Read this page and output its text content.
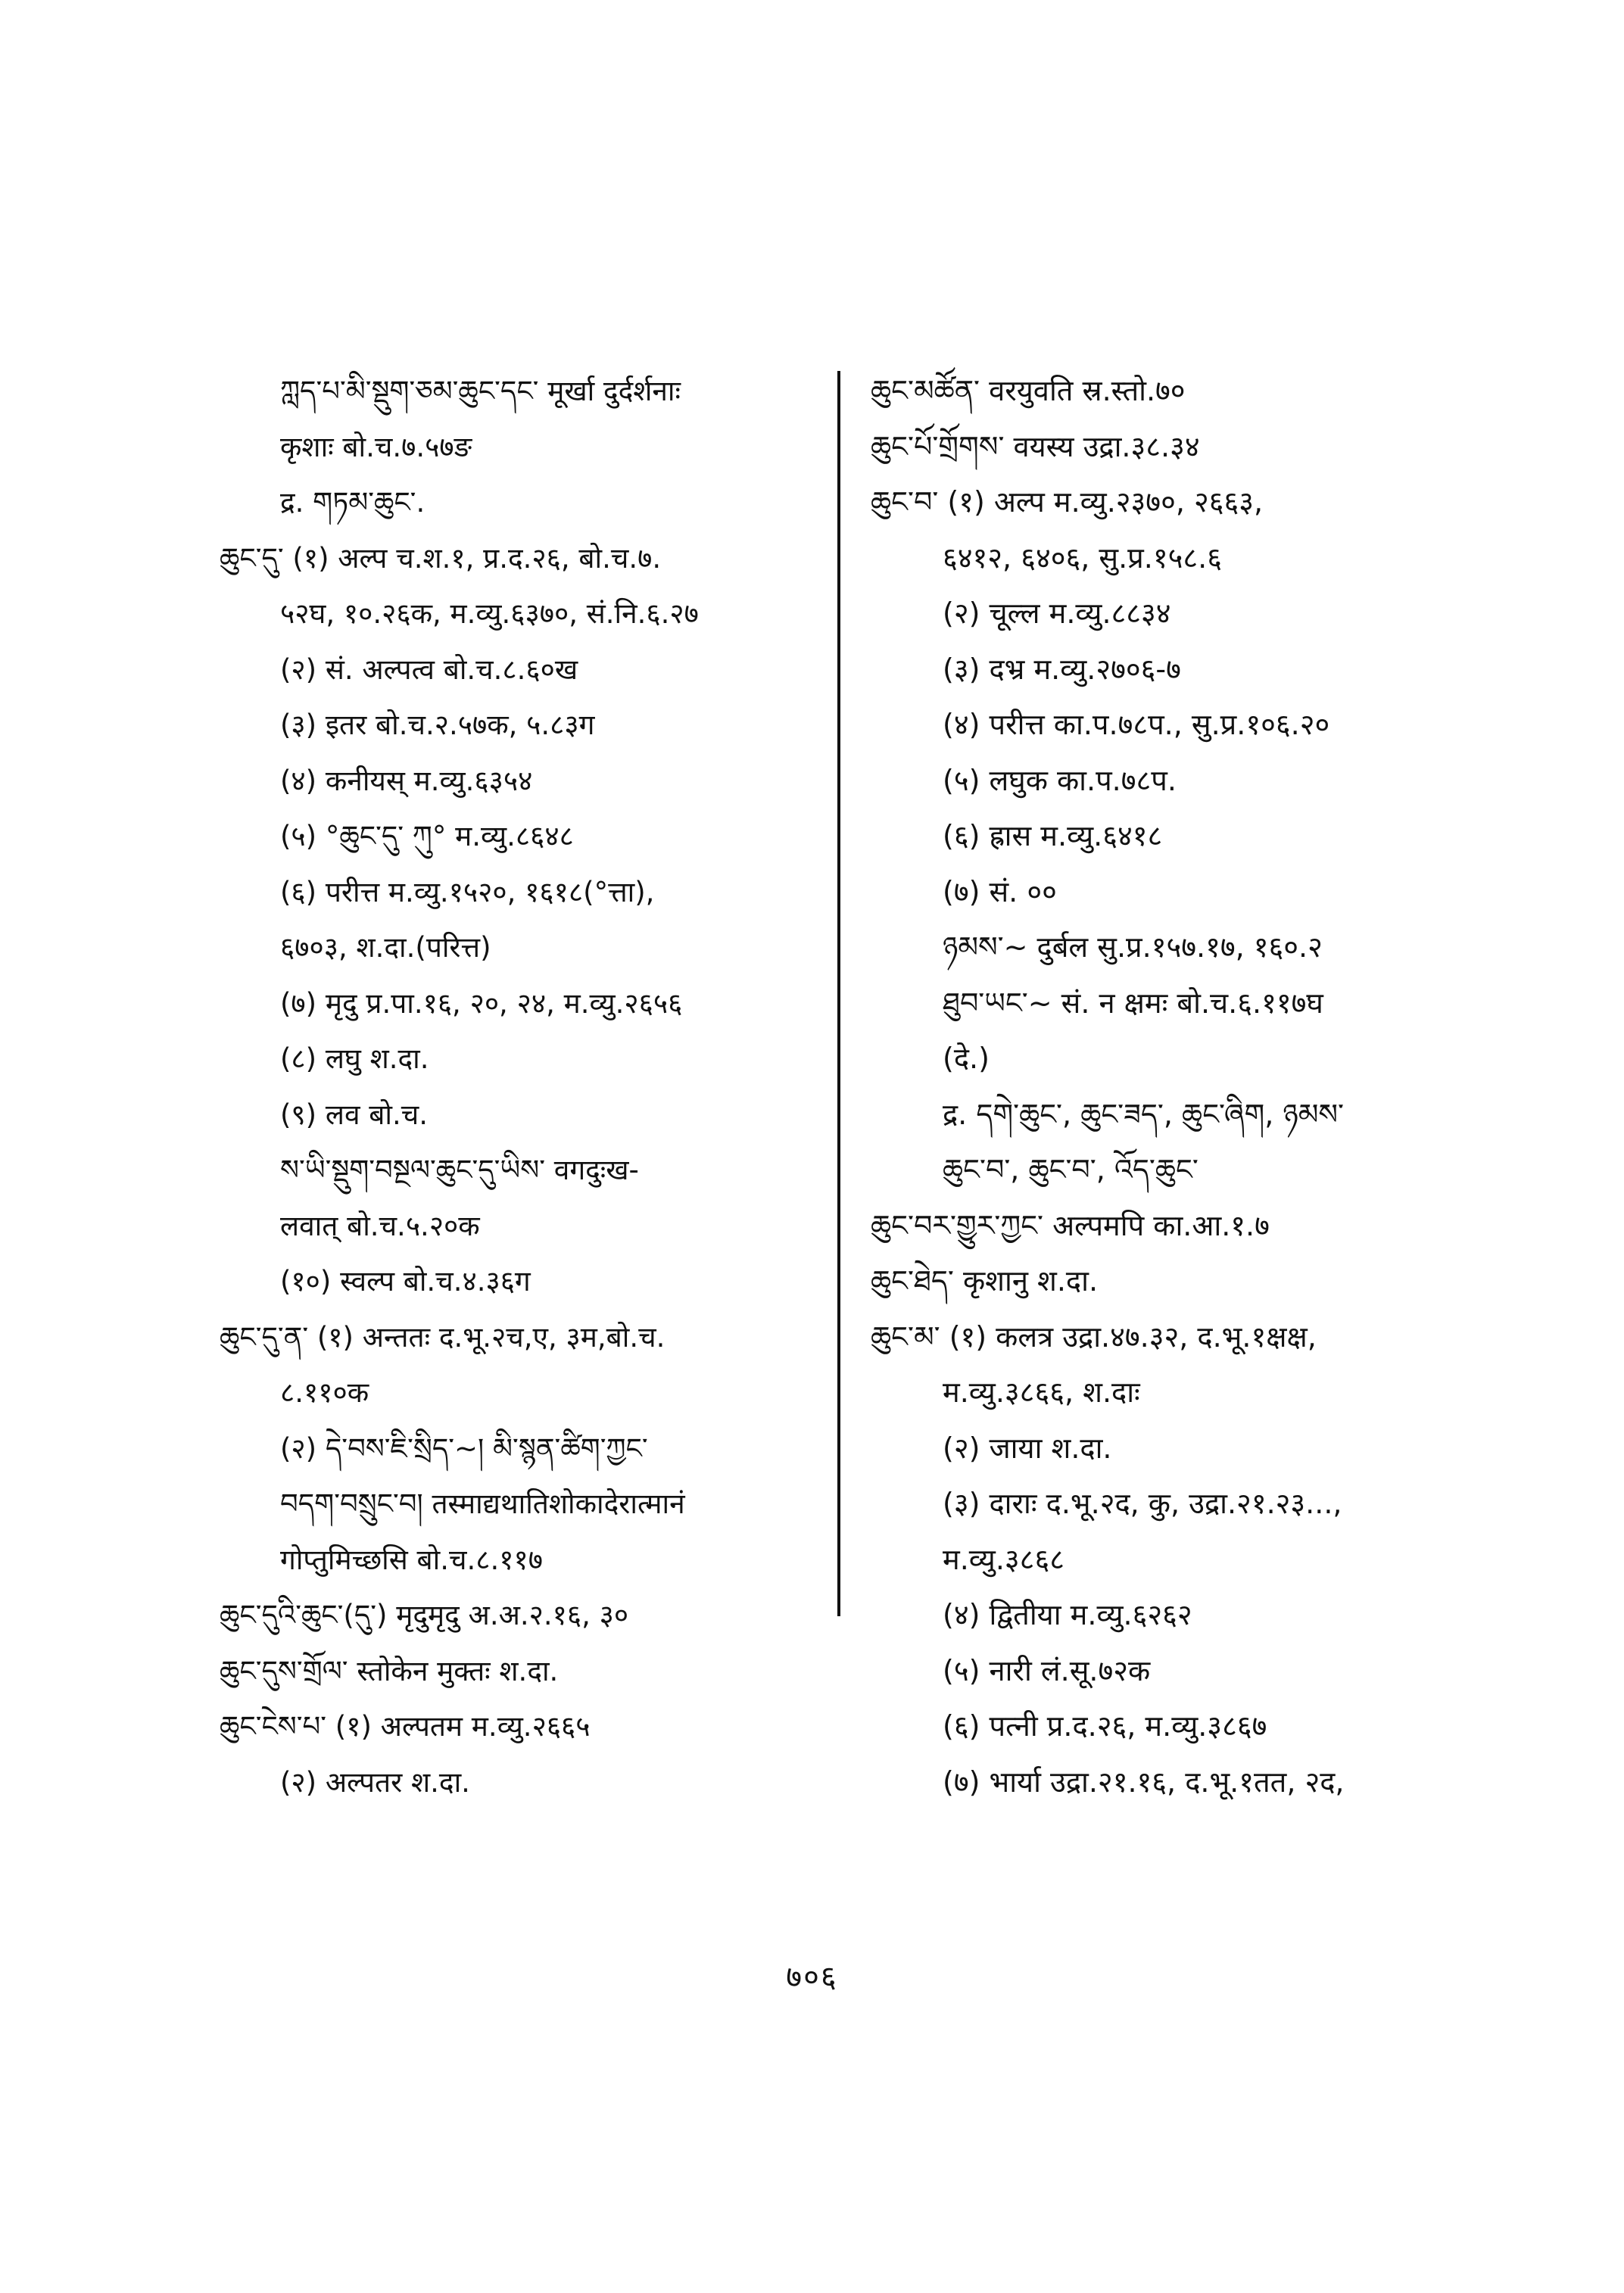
ཀླད་པ་མི་སྡུག་ཅམ་ཆུང་དང་ मूर्खा दुर्दर्शनाः
कृशाः बो.च.७.५७ङ
द्र. གཏམ་ཆུང་.
ཆུང་དུ་ (१) अल्प च.श.१, प्र.द.२६, बो.च.७.
५२घ, १०.२६क, म.व्यु.६३७०, सं.नि.६.२७
(२) सं. अल्पत्व बो.च.८.६०ख
(३) इतर बो.च.२.५७क, ५.८३ग
(४) कनीयस् म.व्यु.६३५४
(५) °ཆུང་དུ་ ཀུ° म.व्यु.८६४८
(६) परीत्त म.व्यु.१५२०, १६१८(°त्ता),
६७०३, श.दा.(परित्त)
(७) मृदु प्र.पा.१६, २०, २४, म.व्यु.२६५६
(८) लघु श.दा.
(९) लव बो.च.
ས་ཡི་སྡུག་བསྔལ་ཆུང་དུ་ཡིས་ वगदुःख-
लवात् बो.च.५.२०क
(१०) स्वल्प बो.च.४.३६ग
ཆུང་དུ་ན་ (१) अन्ततः द.भू.२च,ए, ३म,बो.च.
८.११०क
(२) དེ་བས་ཇི་སྲིད་~། མི་སྙན་ཚིག་ཀྱང་
བདག་བསྲུང་བ། तस्माद्यथातिशोकादेरात्मानं
गोप्तुमिच्छसि बो.च.८.११७
ཆུང་དུའི་ཆུང་(དུ་) मृदुमृदु अ.अ.२.१६, ३०
ཆུང་དུས་གྲོལ་ स्तोकेन मुक्तः श.दा.
ཆུང་ངེས་པ་ (१) अल्पतम म.व्यु.२६६५
(२) अल्पतर श.दा.
ཆུང་མཚོན་ वरयुवति स्र.स्तो.७०
ཆུང་པོ་གྲོགས་ वयस्य उद्रा.३८.३४
ཆུང་བ་ (१) अल्प म.व्यु.२३७०, २६६३,
६४१२, ६४०६, सु.प्र.१५८.६
(२) चूल्ल म.व्यु.८८३४
(३) दभ्र म.व्यु.२७०६-७
(४) परीत्त का.प.७८प., सु.प्र.१०६.२०
(५) लघुक का.प.७८प.
(६) ह्रास म.व्यु.६४१८
(७) सं. ००
ཉམས་~ दुर्बल सु.प्र.१५७.१७, १६०.२
ཐུབ་ཡང་~ सं. न क्षमः बो.च.६.११७घ
(दे.)
द्र. དགེ་ཆུང་, ཆུང་ཟད་, ཆུང་ཞིག, ཉམས་
ཆུང་བ་, ཆུང་བ་, འོད་ཆུང་
ཆུང་བར་གྱུར་ཀྱང་ अल्पमपि का.आ.१.७
ཆུང་ཐེད་ कृशानु श.दा.
ཆུང་མ་ (१) कलत्र उद्रा.४७.३२, द.भू.१क्षक्ष,
म.व्यु.३८६६, श.दाः
(२) जाया श.दा.
(३) दाराः द.भू.२द, कु, उद्रा.२१.२३...,
म.व्यु.३८६८
(४) द्वितीया म.व्यु.६२६२
(५) नारी लं.सू.७२क
(६) पत्नी प्र.द.२६, म.व्यु.३८६७
(७) भार्या उद्रा.२१.१६, द.भू.१तत, २द,
७०६
